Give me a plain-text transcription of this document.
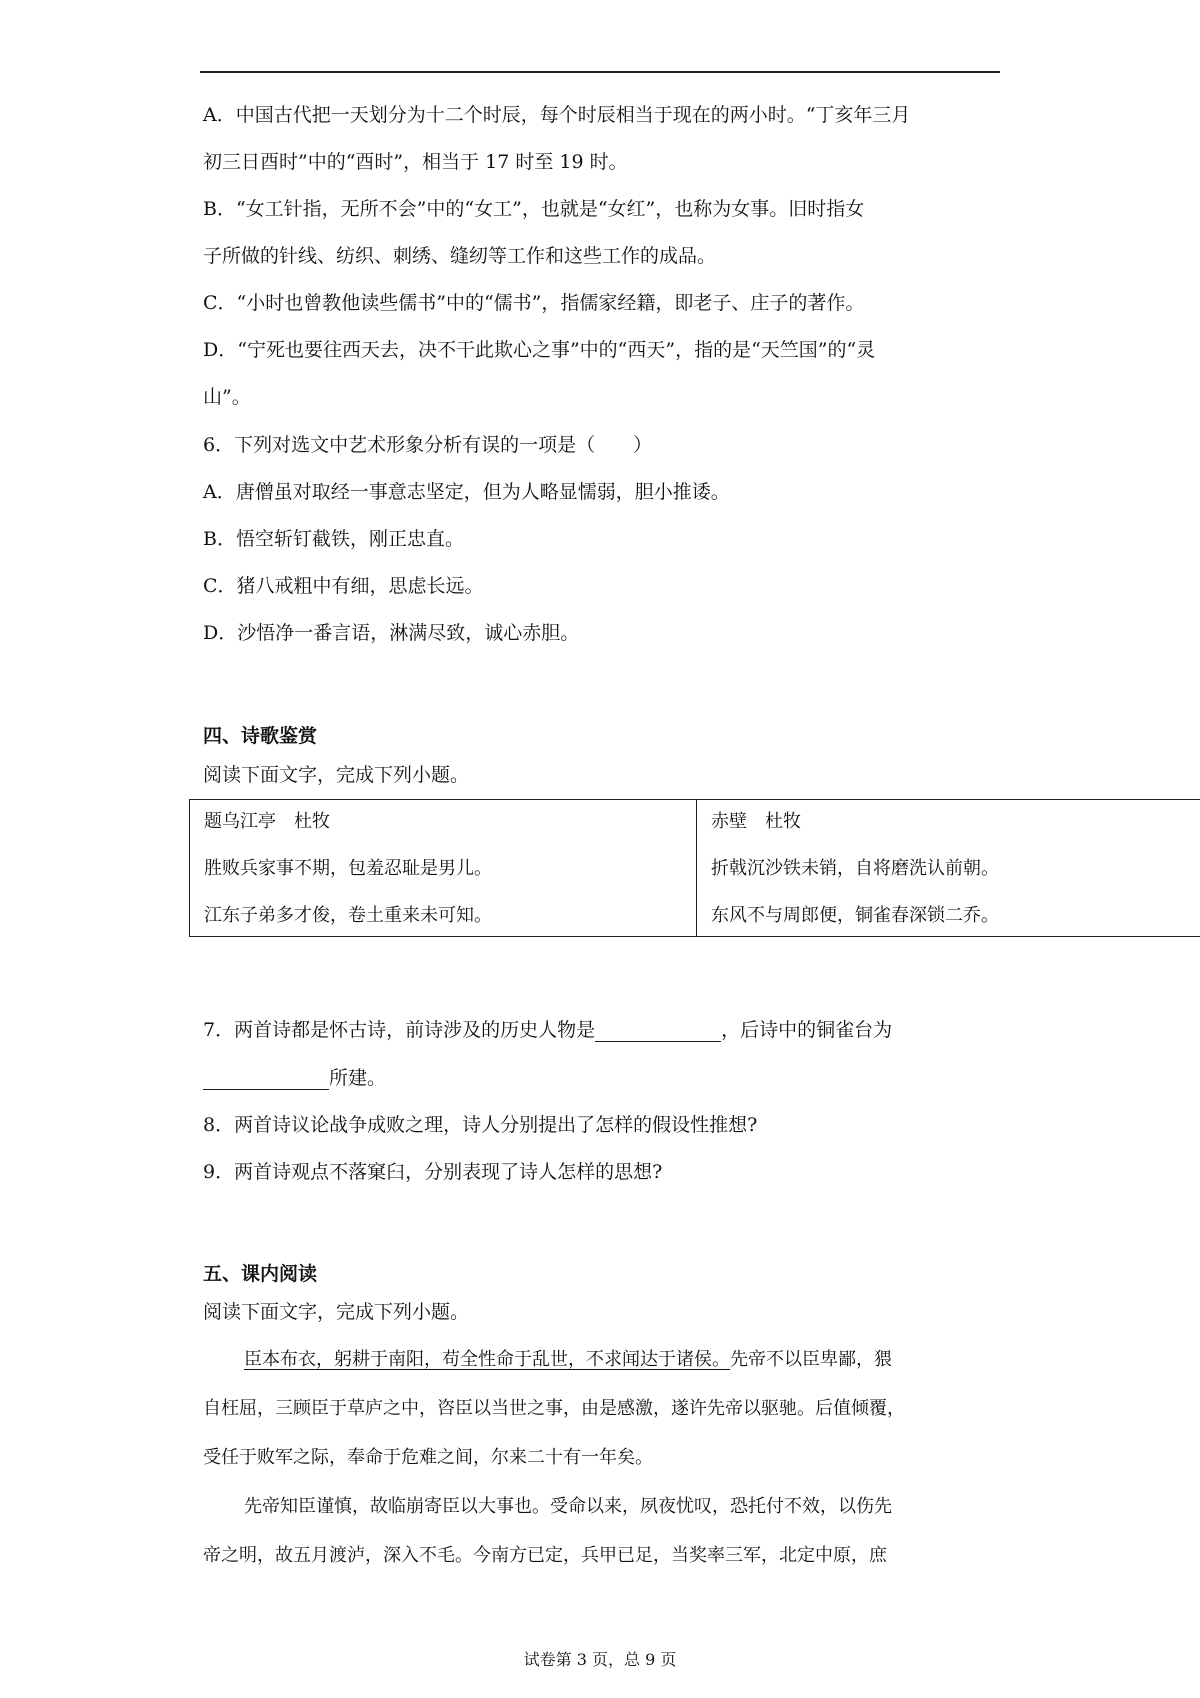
A．中国古代把一天划分为十二个时辰，每个时辰相当于现在的两小时。“丁亥年三月
初三日酉时”中的“酉时”，相当于 17 时至 19 时。
B．“女工针指，无所不会”中的“女工”，也就是“女红”，也称为女事。旧时指女
子所做的针线、纺织、刺绣、缝纫等工作和这些工作的成品。
C．“小时也曾教他读些儒书”中的“儒书”，指儒家经籍，即老子、庄子的著作。
D．“宁死也要往西天去，决不干此欺心之事”中的“西天”，指的是“天竺国”的“灵
山”。
6．下列对选文中艺术形象分析有误的一项是（　　）
A．唐僧虽对取经一事意志坚定，但为人略显懦弱，胆小推诿。
B．悟空斩钉截铁，刚正忠直。
C．猪八戒粗中有细，思虑长远。
D．沙悟净一番言语，淋满尽致，诚心赤胆。
四、诗歌鉴赏
阅读下面文字，完成下列小题。
题乌江亭　杜牧
胜败兵家事不期，包羞忍耻是男儿。
江东子弟多才俊，卷土重来未可知。

赤壁　杜牧
折戟沉沙铁未销，自将磨洗认前朝。
东风不与周郎便，铜雀春深锁二乔。
7．两首诗都是怀古诗，前诗涉及的历史人物是	，后诗中的铜雀台为
所建。
8．两首诗议论战争成败之理，诗人分别提出了怎样的假设性推想?
9．两首诗观点不落窠臼，分别表现了诗人怎样的思想?
五、课内阅读
阅读下面文字，完成下列小题。
臣本布衣，躬耕于南阳，苟全性命于乱世，不求闻达于诸侯。先帝不以臣卑鄙，猥
自枉屈，三顾臣于草庐之中，咨臣以当世之事，由是感激，遂许先帝以驱驰。后值倾覆，
受任于败军之际，奉命于危难之间，尔来二十有一年矣。
先帝知臣谨慎，故临崩寄臣以大事也。受命以来，夙夜忧叹，恐托付不效，以伤先
帝之明，故五月渡泸，深入不毛。今南方已定，兵甲已足，当奖率三军，北定中原，庶
试卷第 3 页，总 9 页
